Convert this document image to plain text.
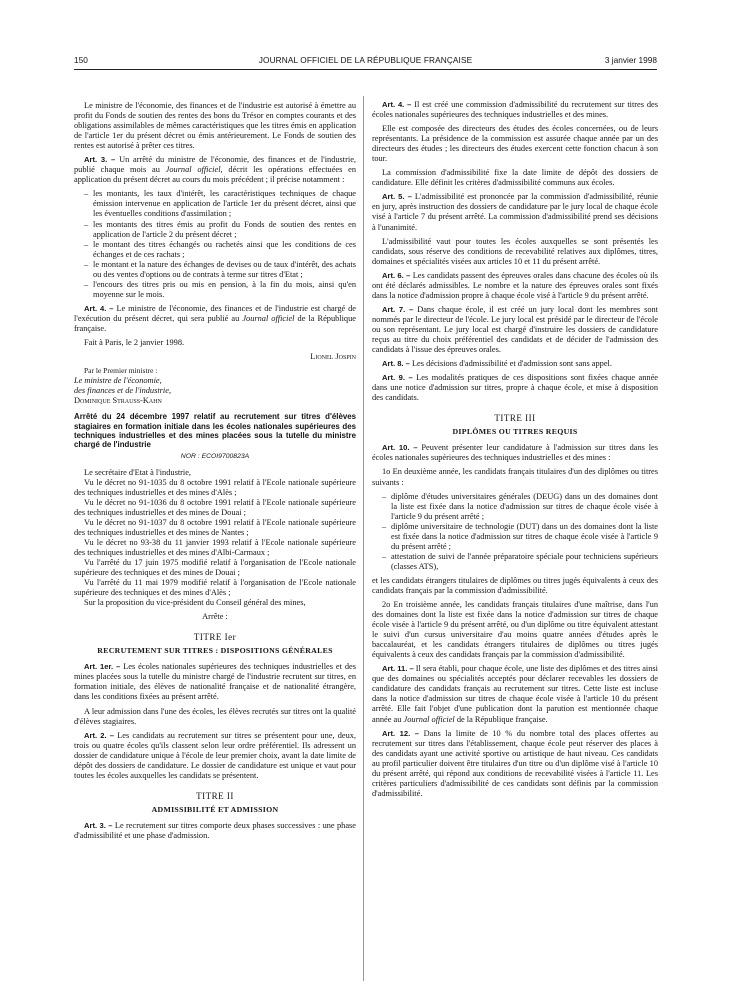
150	JOURNAL OFFICIEL DE LA RÉPUBLIQUE FRANÇAISE	3 janvier 1998

Le ministre de l'économie, des finances et de l'industrie est autorisé à émettre au profit du Fonds de soutien des rentes des bons du Trésor en comptes courants et des obligations assimilables de mêmes caractéristiques que les titres émis en application de l'article 1er du présent décret ou émis antérieurement. Le Fonds de soutien des rentes est autorisé à prêter ces titres.

Art. 3. – Un arrêté du ministre de l'économie, des finances et de l'industrie, publié chaque mois au Journal officiel, décrit les opérations effectuées en application du présent décret au cours du mois précédent ; il précise notamment :

– les montants, les taux d'intérêt, les caractéristiques techniques de chaque émission intervenue en application de l'article 1er du présent décret, ainsi que les éventuelles conditions d'assimilation ;
– les montants des titres émis au profit du Fonds de soutien des rentes en application de l'article 2 du présent décret ;
– le montant des titres échangés ou rachetés ainsi que les conditions de ces échanges et de ces rachats ;
– le montant et la nature des échanges de devises ou de taux d'intérêt, des achats ou des ventes d'options ou de contrats à terme sur titres d'Etat ;
– l'encours des titres pris ou mis en pension, à la fin du mois, ainsi qu'en moyenne sur le mois.

Art. 4. – Le ministre de l'économie, des finances et de l'industrie est chargé de l'exécution du présent décret, qui sera publié au Journal officiel de la République française.

Fait à Paris, le 2 janvier 1998.

Lionel Jospin

Par le Premier ministre :
Le ministre de l'économie,
des finances et de l'industrie,
Dominique Strauss-Kahn

Arrêté du 24 décembre 1997 relatif au recrutement sur titres d'élèves stagiaires en formation initiale dans les écoles nationales supérieures des techniques industrielles et des mines placées sous la tutelle du ministre chargé de l'industrie

NOR : ECOI9700823A

Le secrétaire d'Etat à l'industrie,

Vu le décret no 91-1035 du 8 octobre 1991 relatif à l'Ecole nationale supérieure des techniques industrielles et des mines d'Alès ;

Vu le décret no 91-1036 du 8 octobre 1991 relatif à l'Ecole nationale supérieure des techniques industrielles et des mines de Douai ;

Vu le décret no 91-1037 du 8 octobre 1991 relatif à l'Ecole nationale supérieure des techniques industrielles et des mines de Nantes ;

Vu le décret no 93-38 du 11 janvier 1993 relatif à l'Ecole nationale supérieure des techniques industrielles et des mines d'Albi-Carmaux ;

Vu l'arrêté du 17 juin 1975 modifié relatif à l'organisation de l'Ecole nationale supérieure des techniques et des mines de Douai ;

Vu l'arrêté du 11 mai 1979 modifié relatif à l'organisation de l'Ecole nationale supérieure des techniques et des mines d'Alès ;

Sur la proposition du vice-président du Conseil général des mines,

Arrête :

TITRE Ier

RECRUTEMENT SUR TITRES : DISPOSITIONS GÉNÉRALES

Art. 1er. – Les écoles nationales supérieures des techniques industrielles et des mines placées sous la tutelle du ministre chargé de l'industrie recrutent sur titres, en formation initiale, des élèves de nationalité française et de nationalité étrangère, dans les conditions fixées au présent arrêté.

A leur admission dans l'une des écoles, les élèves recrutés sur titres ont la qualité d'élèves stagiaires.

Art. 2. – Les candidats au recrutement sur titres se présentent pour une, deux, trois ou quatre écoles qu'ils classent selon leur ordre préférentiel. Ils adressent un dossier de candidature unique à l'école de leur premier choix, avant la date limite de dépôt des dossiers de candidature. Le dossier de candidature est unique et vaut pour toutes les écoles auxquelles les candidats se présentent.

TITRE II

ADMISSIBILITÉ ET ADMISSION

Art. 3. – Le recrutement sur titres comporte deux phases successives : une phase d'admissibilité et une phase d'admission.

Art. 4. – Il est créé une commission d'admissibilité du recrutement sur titres des écoles nationales supérieures des techniques industrielles et des mines.

Elle est composée des directeurs des études des écoles concernées, ou de leurs représentants. La présidence de la commission est assurée chaque année par un des directeurs des études ; les directeurs des études exercent cette fonction chacun à son tour.

La commission d'admissibilité fixe la date limite de dépôt des dossiers de candidature. Elle définit les critères d'admissibilité communs aux écoles.

Art. 5. – L'admissibilité est prononcée par la commission d'admissibilité, réunie en jury, après instruction des dossiers de candidature par le jury local de chaque école visé à l'article 7 du présent arrêté. La commission d'admissibilité prend ses décisions à l'unanimité.

L'admissibilité vaut pour toutes les écoles auxquelles se sont présentés les candidats, sous réserve des conditions de recevabilité relatives aux diplômes, titres, domaines et spécialités visées aux articles 10 et 11 du présent arrêté.

Art. 6. – Les candidats passent des épreuves orales dans chacune des écoles où ils ont été déclarés admissibles. Le nombre et la nature des épreuves orales sont fixés dans la notice d'admission propre à chaque école visé à l'article 9 du présent arrêté.

Art. 7. – Dans chaque école, il est créé un jury local dont les membres sont nommés par le directeur de l'école. Le jury local est présidé par le directeur de l'école ou son représentant. Le jury local est chargé d'instruire les dossiers de candidature reçus au titre du choix préférentiel des candidats et de décider de l'admission des candidats à l'issue des épreuves orales.

Art. 8. – Les décisions d'admissibilité et d'admission sont sans appel.

Art. 9. – Les modalités pratiques de ces dispositions sont fixées chaque année dans une notice d'admission sur titres, propre à chaque école, et mise à disposition des candidats.

TITRE III

DIPLÔMES OU TITRES REQUIS

Art. 10. – Peuvent présenter leur candidature à l'admission sur titres dans les écoles nationales supérieures des techniques industrielles et des mines :

1o En deuxième année, les candidats français titulaires d'un des diplômes ou titres suivants :

– diplôme d'études universitaires générales (DEUG) dans un des domaines dont la liste est fixée dans la notice d'admission sur titres de chaque école visée à l'article 9 du présent arrêté ;
– diplôme universitaire de technologie (DUT) dans un des domaines dont la liste est fixée dans la notice d'admission sur titres de chaque école visée à l'article 9 du présent arrêté ;
– attestation de suivi de l'année préparatoire spéciale pour techniciens supérieurs (classes ATS),

et les candidats étrangers titulaires de diplômes ou titres jugés équivalents à ceux des candidats français par la commission d'admissibilité.

2o En troisième année, les candidats français titulaires d'une maîtrise, dans l'un des domaines dont la liste est fixée dans la notice d'admission sur titres de chaque école visée à l'article 9 du présent arrêté, ou d'un diplôme ou titre équivalent attestant le suivi d'un cursus universitaire d'au moins quatre années d'études après le baccalauréat, et les candidats étrangers titulaires de diplômes ou titres jugés équivalents à ceux des candidats français par la commission d'admissibilité.

Art. 11. – Il sera établi, pour chaque école, une liste des diplômes et des titres ainsi que des domaines ou spécialités acceptés pour déclarer recevables les dossiers de candidature des candidats français au recrutement sur titres. Cette liste est incluse dans la notice d'admission sur titres de chaque école visée à l'article 10 du présent arrêté. Elle fait l'objet d'une publication dont la parution est mentionnée chaque année au Journal officiel de la République française.

Art. 12. – Dans la limite de 10 % du nombre total des places offertes au recrutement sur titres dans l'établissement, chaque école peut réserver des places à des candidats ayant une activité sportive ou artistique de haut niveau. Ces candidats au profil particulier doivent être titulaires d'un titre ou d'un diplôme visé à l'article 10 du présent arrêté, qui répond aux conditions de recevabilité visées à l'article 11. Les critères particuliers d'admissibilité de ces candidats sont définis par la commission d'admissibilité.
